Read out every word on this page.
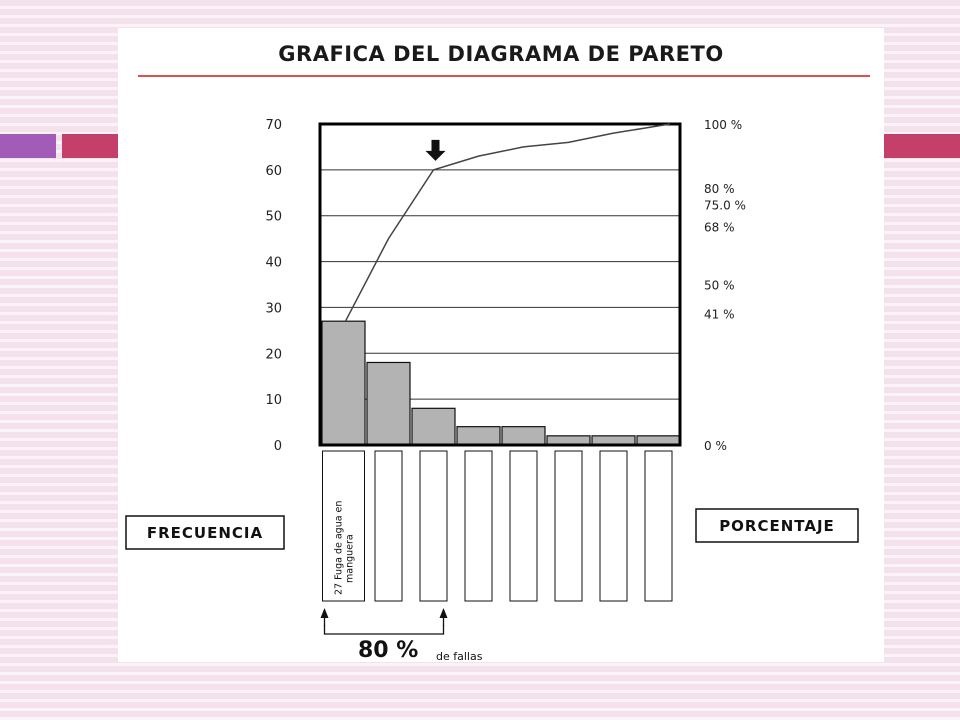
GRAFICA DEL DIAGRAMA DE PARETO
0
10
20
30
40
50
60
70
0 %
41 %
50 %
68 %
75.0 %
80 %
100 %
27 Fuga de agua enmanguera
FRECUENCIA	PORCENTAJE
80 % de fallas
